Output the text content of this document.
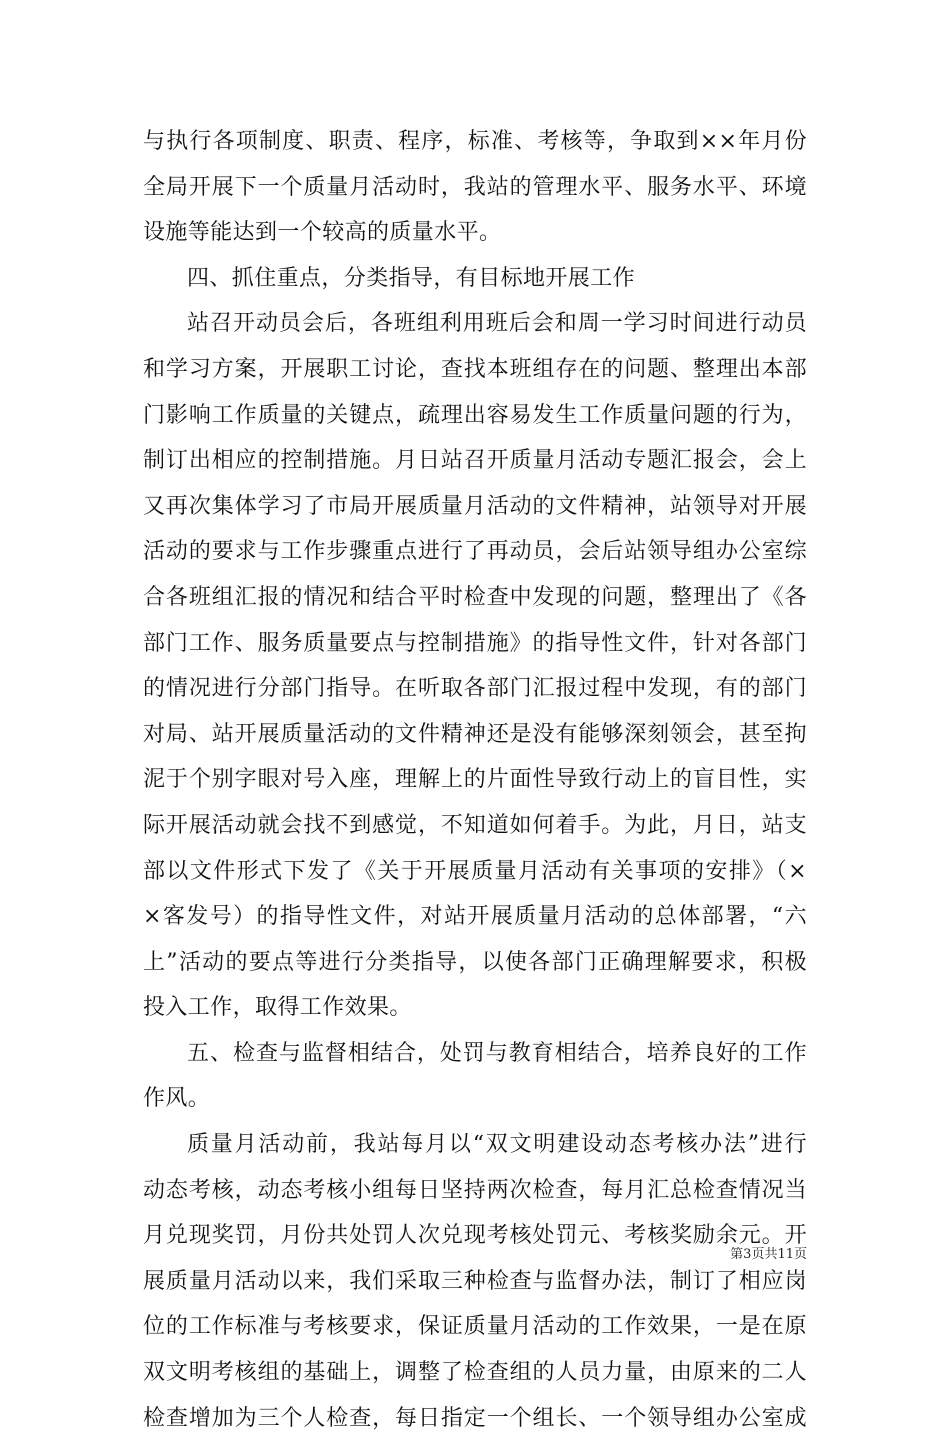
与执行各项制度、职责、程序，标准、考核等，争取到××年月份
全局开展下一个质量月活动时，我站的管理水平、服务水平、环境
设施等能达到一个较高的质量水平。
四、抓住重点，分类指导，有目标地开展工作
站召开动员会后，各班组利用班后会和周一学习时间进行动员
和学习方案，开展职工讨论，查找本班组存在的问题、整理出本部
门影响工作质量的关键点，疏理出容易发生工作质量问题的行为，
制订出相应的控制措施。月日站召开质量月活动专题汇报会，会上
又再次集体学习了市局开展质量月活动的文件精神，站领导对开展
活动的要求与工作步骤重点进行了再动员，会后站领导组办公室综
合各班组汇报的情况和结合平时检查中发现的问题，整理出了《各
部门工作、服务质量要点与控制措施》的指导性文件，针对各部门
的情况进行分部门指导。在听取各部门汇报过程中发现，有的部门
对局、站开展质量活动的文件精神还是没有能够深刻领会，甚至拘
泥于个别字眼对号入座，理解上的片面性导致行动上的盲目性，实
际开展活动就会找不到感觉，不知道如何着手。为此，月日，站支
部以文件形式下发了《关于开展质量月活动有关事项的安排》（×
×客发号）的指导性文件，对站开展质量月活动的总体部署，“六
上”活动的要点等进行分类指导，以使各部门正确理解要求，积极
投入工作，取得工作效果。
五、检查与监督相结合，处罚与教育相结合，培养良好的工作
作风。
质量月活动前，我站每月以“双文明建设动态考核办法”进行
动态考核，动态考核小组每日坚持两次检查，每月汇总检查情况当
月兑现奖罚，月份共处罚人次兑现考核处罚元、考核奖励余元。开
展质量月活动以来，我们采取三种检查与监督办法，制订了相应岗
位的工作标准与考核要求，保证质量月活动的工作效果，一是在原
双文明考核组的基础上，调整了检查组的人员力量，由原来的二人
检查增加为三个人检查，每日指定一个组长、一个领导组办公室成
第3页共11页
